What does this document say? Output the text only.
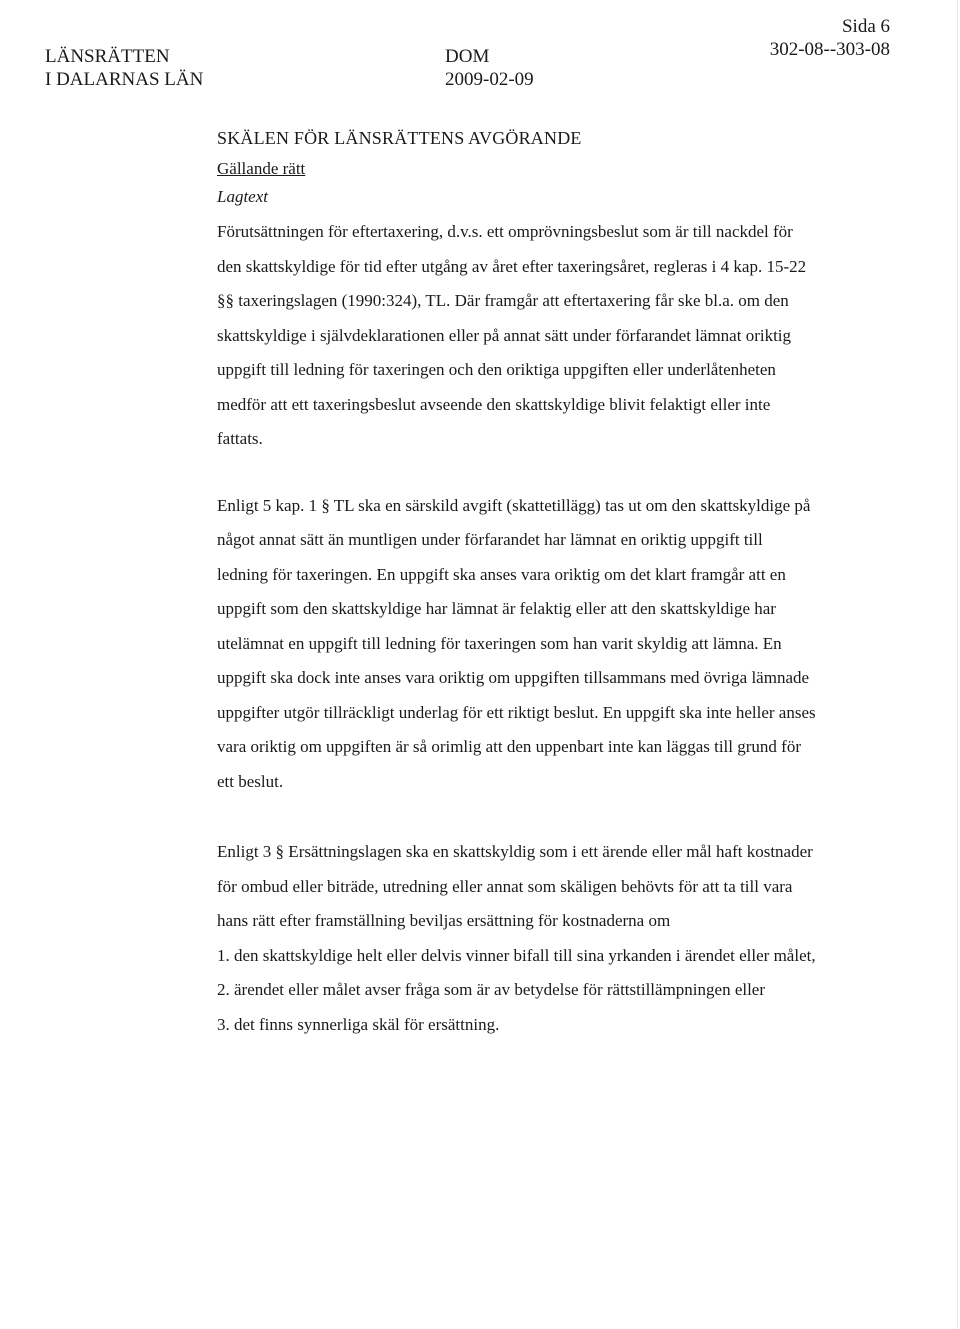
LÄNSRÄTTEN
I DALARNAS LÄN
DOM
2009-02-09
Sida 6
302-08--303-08
SKÄLEN FÖR LÄNSRÄTTENS AVGÖRANDE
Gällande rätt
Lagtext

Förutsättningen för eftertaxering, d.v.s. ett omprövningsbeslut som är till nackdel för den skattskyldige för tid efter utgång av året efter taxeringsåret, regleras i 4 kap. 15-22 §§ taxeringslagen (1990:324), TL. Där framgår att eftertaxering får ske bl.a. om den skattskyldige i självdeklarationen eller på annat sätt under förfarandet lämnat oriktig uppgift till ledning för taxeringen och den oriktiga uppgiften eller underlåtenheten medför att ett taxeringsbeslut avseende den skattskyldige blivit felaktigt eller inte fattats.

Enligt 5 kap. 1 § TL ska en särskild avgift (skattetillägg) tas ut om den skattskyldige på något annat sätt än muntligen under förfarandet har lämnat en oriktig uppgift till ledning för taxeringen. En uppgift ska anses vara oriktig om det klart framgår att en uppgift som den skattskyldige har lämnat är felaktig eller att den skattskyldige har utelämnat en uppgift till ledning för taxeringen som han varit skyldig att lämna. En uppgift ska dock inte anses vara oriktig om uppgiften tillsammans med övriga lämnade uppgifter utgör tillräckligt underlag för ett riktigt beslut. En uppgift ska inte heller anses vara oriktig om uppgiften är så orimlig att den uppenbart inte kan läggas till grund för ett beslut.

Enligt 3 § Ersättningslagen ska en skattskyldig som i ett ärende eller mål haft kostnader för ombud eller biträde, utredning eller annat som skäligen behövts för att ta till vara hans rätt efter framställning beviljas ersättning för kostnaderna om

1. den skattskyldige helt eller delvis vinner bifall till sina yrkanden i ärendet eller målet,
2. ärendet eller målet avser fråga som är av betydelse för rättstillämpningen eller
3. det finns synnerliga skäl för ersättning.
